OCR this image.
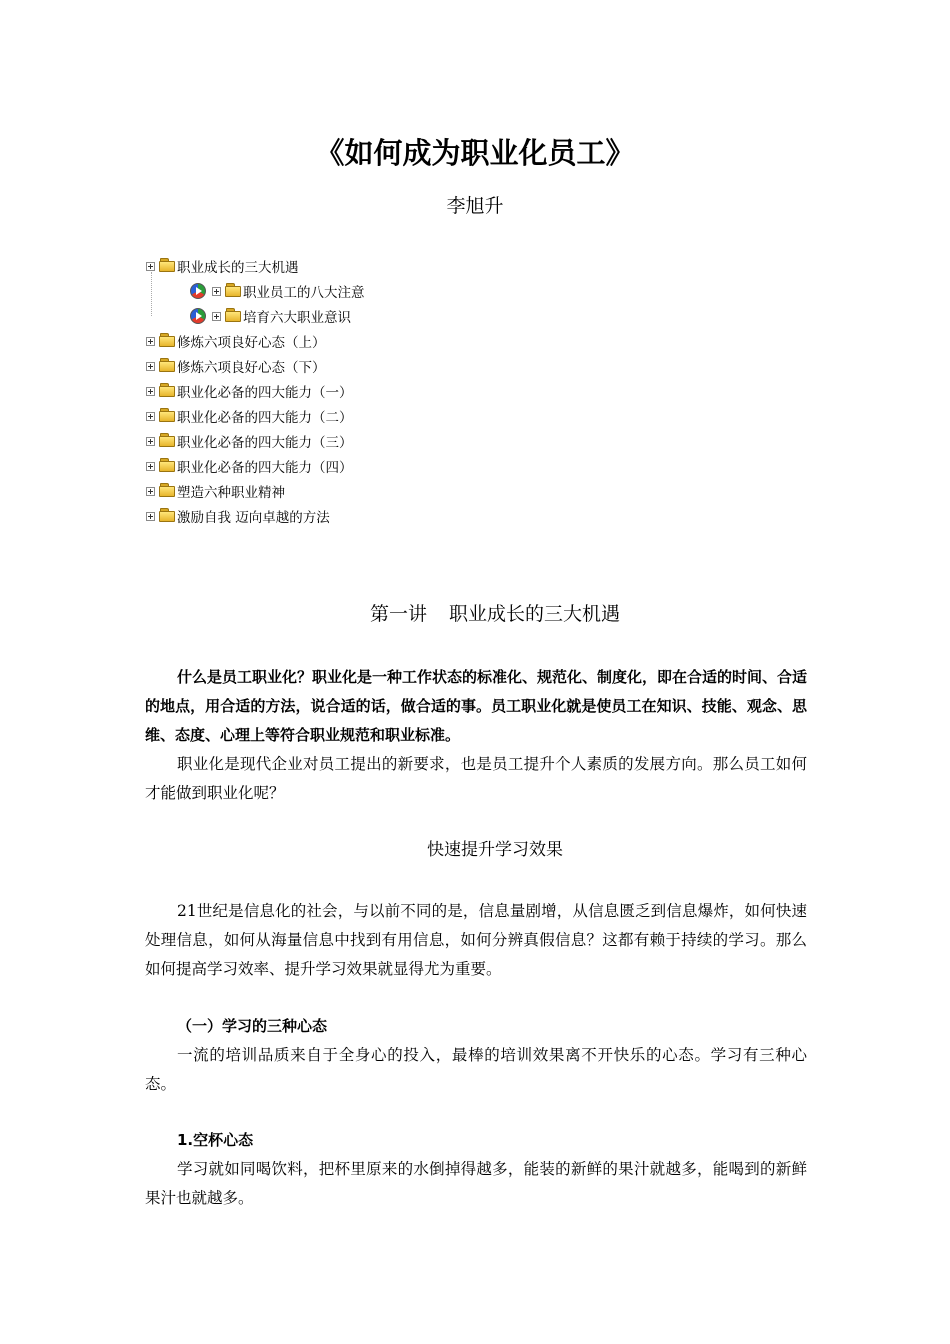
《如何成为职业化员工》
李旭升
职业成长的三大机遇
职业员工的八大注意
培育六大职业意识
修炼六项良好心态（上）
修炼六项良好心态（下）
职业化必备的四大能力（一）
职业化必备的四大能力（二）
职业化必备的四大能力（三）
职业化必备的四大能力（四）
塑造六种职业精神
激励自我 迈向卓越的方法
第一讲 职业成长的三大机遇
什么是员工职业化？职业化是一种工作状态的标准化、规范化、制度化，即在合适的时间、合适的地点，用合适的方法，说合适的话，做合适的事。员工职业化就是使员工在知识、技能、观念、思维、态度、心理上等符合职业规范和职业标准。
职业化是现代企业对员工提出的新要求，也是员工提升个人素质的发展方向。那么员工如何才能做到职业化呢？
快速提升学习效果
21世纪是信息化的社会，与以前不同的是，信息量剧增，从信息匮乏到信息爆炸，如何快速处理信息，如何从海量信息中找到有用信息，如何分辨真假信息？这都有赖于持续的学习。那么如何提高学习效率、提升学习效果就显得尤为重要。
（一）学习的三种心态
一流的培训品质来自于全身心的投入，最棒的培训效果离不开快乐的心态。学习有三种心态。
1.空杯心态
学习就如同喝饮料，把杯里原来的水倒掉得越多，能装的新鲜的果汁就越多，能喝到的新鲜果汁也就越多。
